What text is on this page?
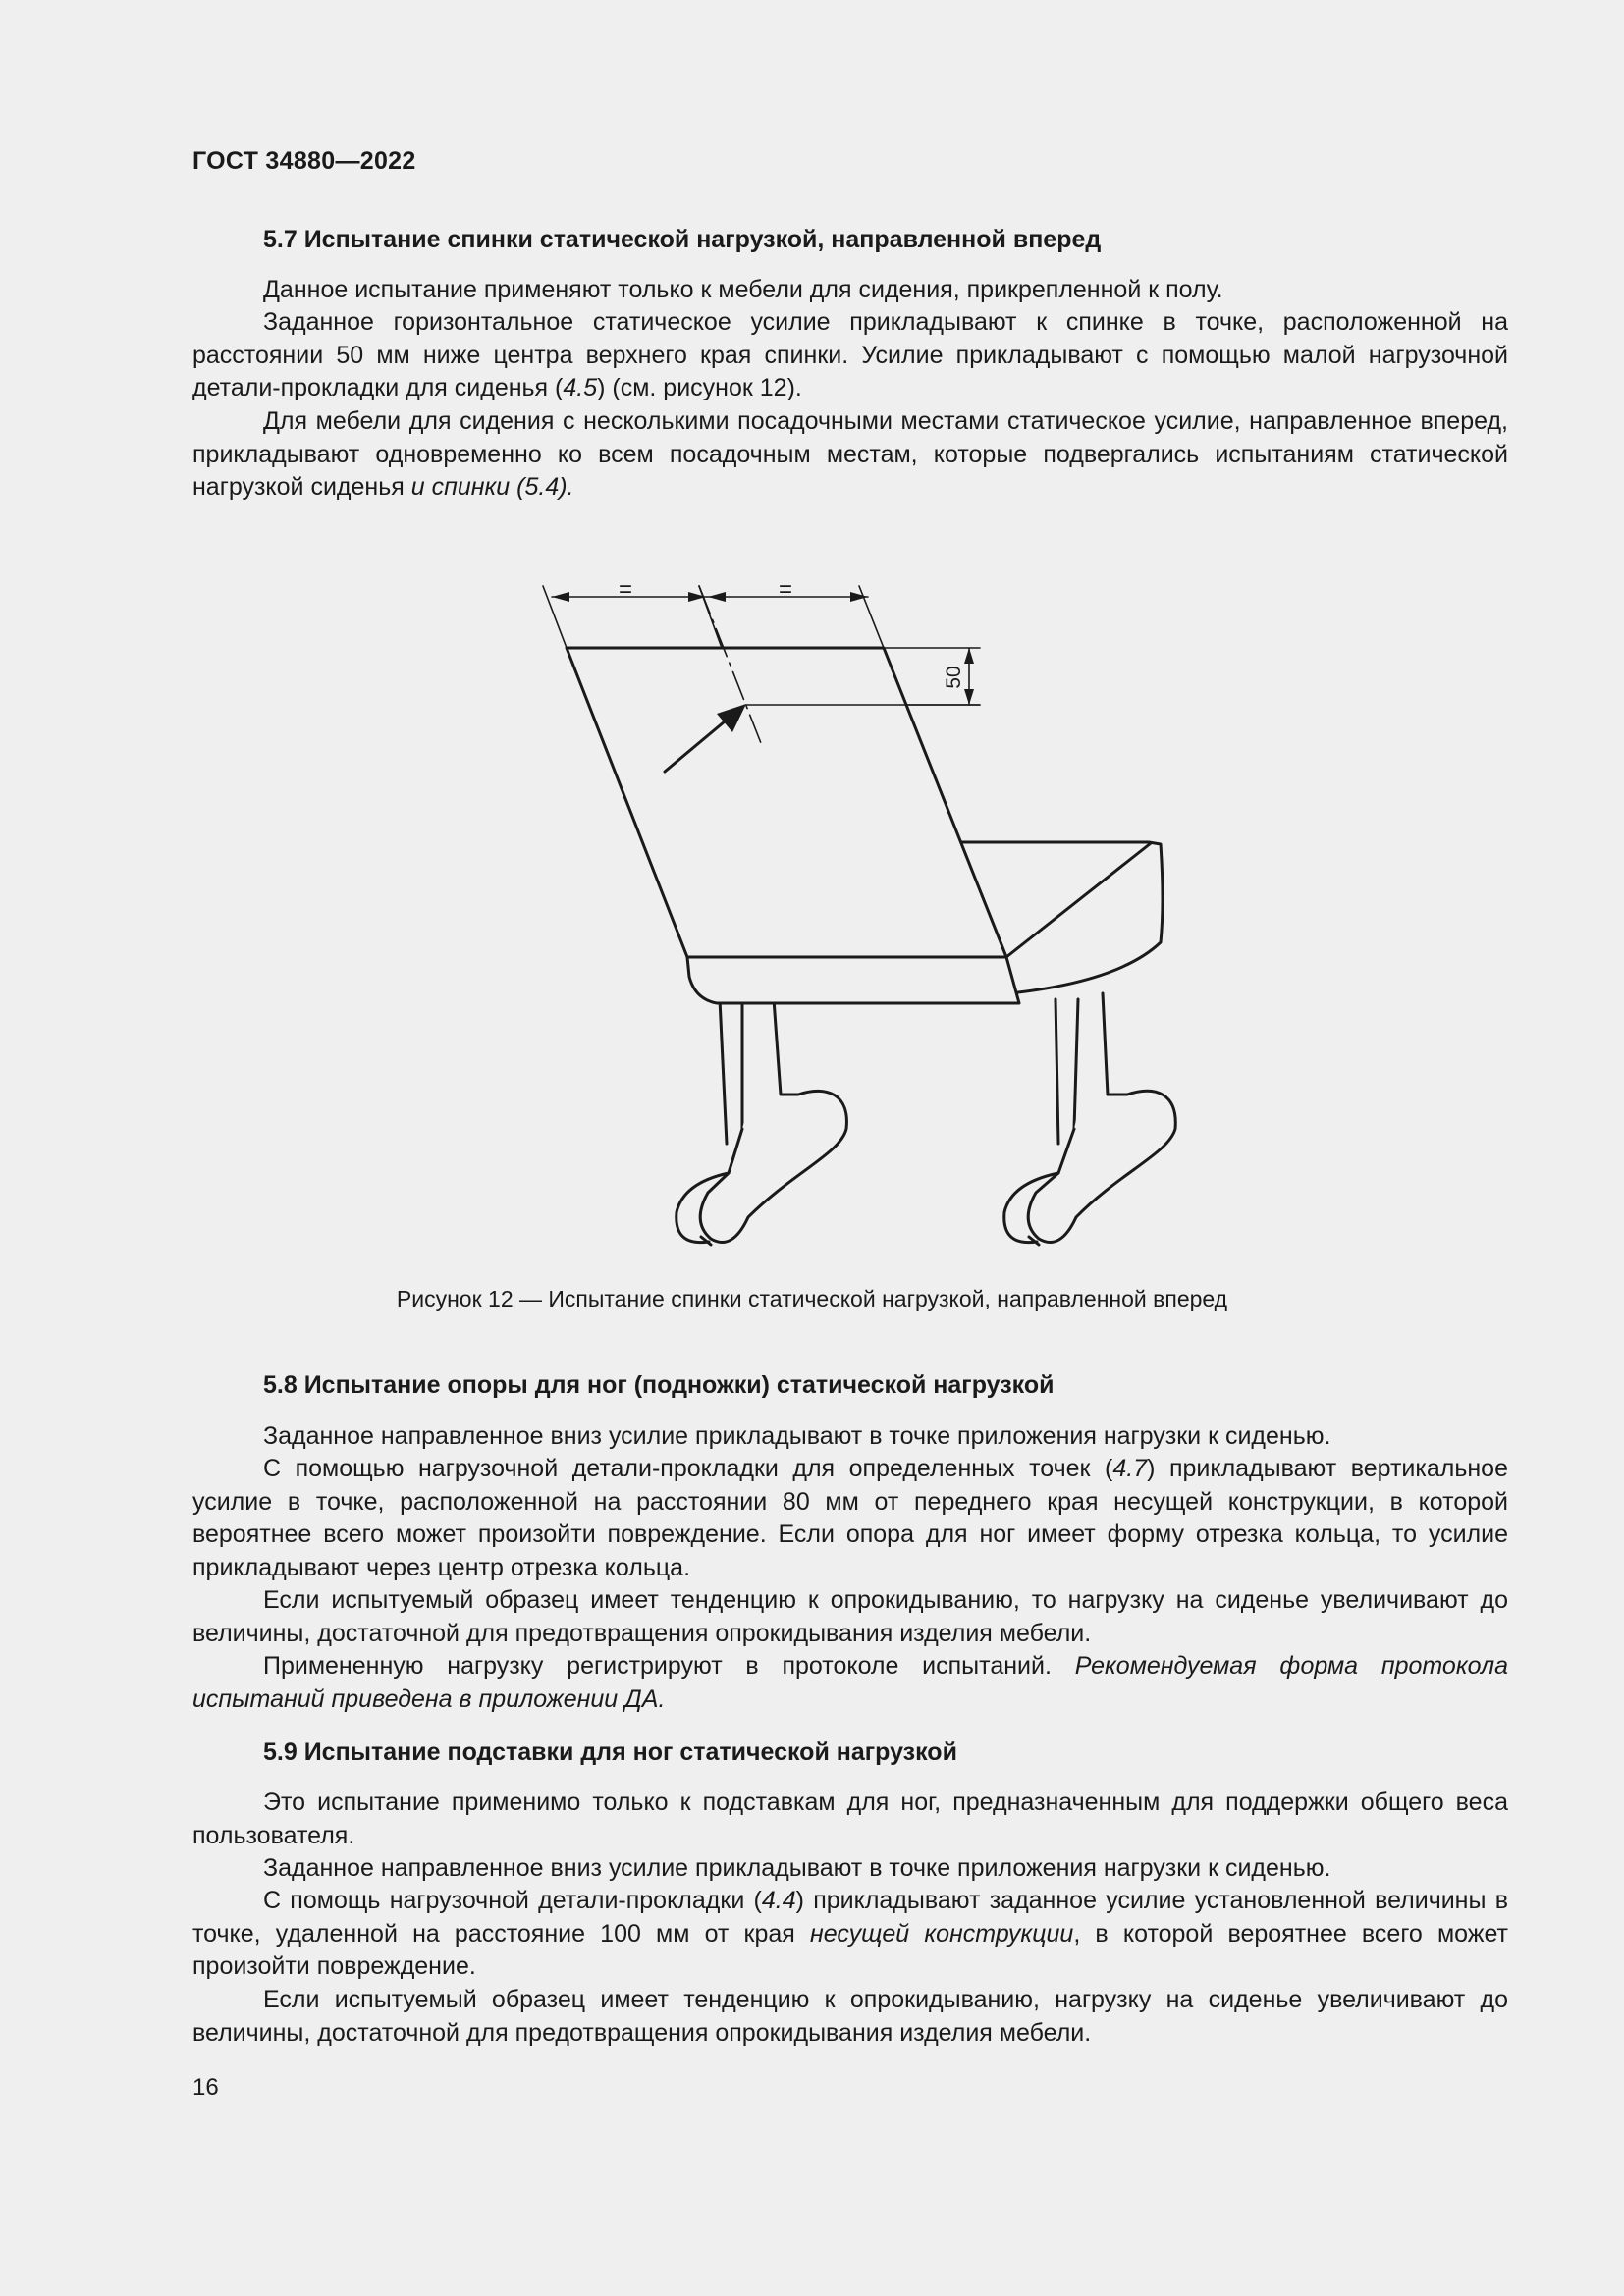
ГОСТ 34880—2022
5.7 Испытание спинки статической нагрузкой, направленной вперед
Данное испытание применяют только к мебели для сидения, прикрепленной к полу.
Заданное горизонтальное статическое усилие прикладывают к спинке в точке, расположенной на расстоянии 50 мм ниже центра верхнего края спинки. Усилие прикладывают с помощью малой нагрузочной детали-прокладки для сиденья (4.5) (см. рисунок 12).
Для мебели для сидения с несколькими посадочными местами статическое усилие, направленное вперед, прикладывают одновременно ко всем посадочным местам, которые подвергались испытаниям статической нагрузкой сиденья и спинки (5.4).
50
=	=
Рисунок 12 — Испытание спинки статической нагрузкой, направленной вперед
5.8 Испытание опоры для ног (подножки) статической нагрузкой
Заданное направленное вниз усилие прикладывают в точке приложения нагрузки к сиденью.
С помощью нагрузочной детали-прокладки для определенных точек (4.7) прикладывают вертикальное усилие в точке, расположенной на расстоянии 80 мм от переднего края несущей конструкции, в которой вероятнее всего может произойти повреждение. Если опора для ног имеет форму отрезка кольца, то усилие прикладывают через центр отрезка кольца.
Если испытуемый образец имеет тенденцию к опрокидыванию, то нагрузку на сиденье увеличивают до величины, достаточной для предотвращения опрокидывания изделия мебели.
Примененную нагрузку регистрируют в протоколе испытаний. Рекомендуемая форма протокола испытаний приведена в приложении ДА.
5.9 Испытание подставки для ног статической нагрузкой
Это испытание применимо только к подставкам для ног, предназначенным для поддержки общего веса пользователя.
Заданное направленное вниз усилие прикладывают в точке приложения нагрузки к сиденью.
С помощь нагрузочной детали-прокладки (4.4) прикладывают заданное усилие установленной величины в точке, удаленной на расстояние 100 мм от края несущей конструкции, в которой вероятнее всего может произойти повреждение.
Если испытуемый образец имеет тенденцию к опрокидыванию, нагрузку на сиденье увеличивают до величины, достаточной для предотвращения опрокидывания изделия мебели.
16
